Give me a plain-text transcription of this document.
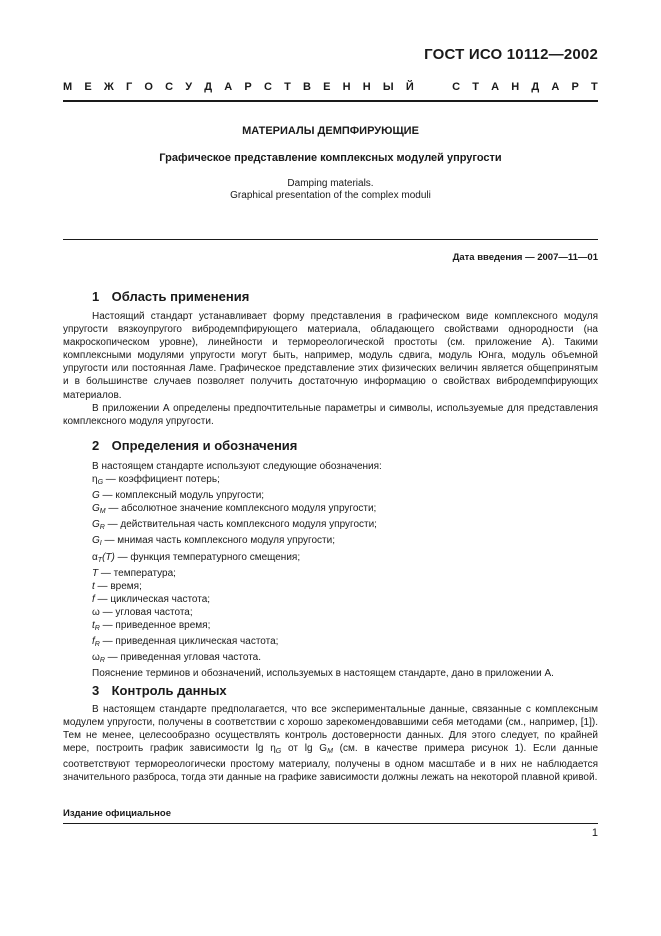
ГОСТ ИСО 10112—2002
М Е Ж Г О С У Д А Р С Т В Е Н Н Ы Й	С Т А Н Д А Р Т
МАТЕРИАЛЫ ДЕМПФИРУЮЩИЕ
Графическое представление комплексных модулей упругости
Damping materials.
Graphical presentation of the complex moduli
Дата введения — 2007—11—01
1 Область применения

Настоящий стандарт устанавливает форму представления в графическом виде комплексного модуля упругости вязкоупругого вибродемпфирующего материала, обладающего свойствами однородности (на макроскопическом уровне), линейности и термореологической простоты (см. приложение А). Такими комплексными модулями упругости могут быть, например, модуль сдвига, модуль Юнга, модуль объемной упругости или постоянная Ламе. Графическое представление этих физических величин является общепринятым и в большинстве случаев позволяет получить достаточную информацию о свойствах вибродемпфирующих материалов.

В приложении А определены предпочтительные параметры и символы, используемые для представления комплексного модуля упругости.

2 Определения и обозначения

В настоящем стандарте используют следующие обозначения:

$\eta_G$ — коэффициент потерь;
G — комплексный модуль упругости;
$G_M$ — абсолютное значение комплексного модуля упругости;
$G_R$ — действительная часть комплексного модуля упругости;
$G_I$ — мнимая часть комплексного модуля упругости;
$\alpha_T(T)$ — функция температурного смещения;
T — температура;
t — время;
f — циклическая частота;
ω — угловая частота;
$t_R$ — приведенное время;
$f_R$ — приведенная циклическая частота;
$\omega_R$ — приведенная угловая частота.

Пояснение терминов и обозначений, используемых в настоящем стандарте, дано в приложении А.

3 Контроль данных

В настоящем стандарте предполагается, что все экспериментальные данные, связанные с комплексным модулем упругости, получены в соответствии с хорошо зарекомендовавшими себя методами (см., например, [1]). Тем не менее, целесообразно осуществлять контроль достоверности данных. Для этого следует, по крайней мере, построить график зависимости $\lg \eta_G$ от $\lg G_M$ (см. в качестве примера рисунок 1). Если данные соответствуют термореологически простому материалу, получены в одном масштабе и в них не наблюдается значительного разброса, тогда эти данные на графике зависимости должны лежать на некоторой плавной кривой.

Издание официальное
1
